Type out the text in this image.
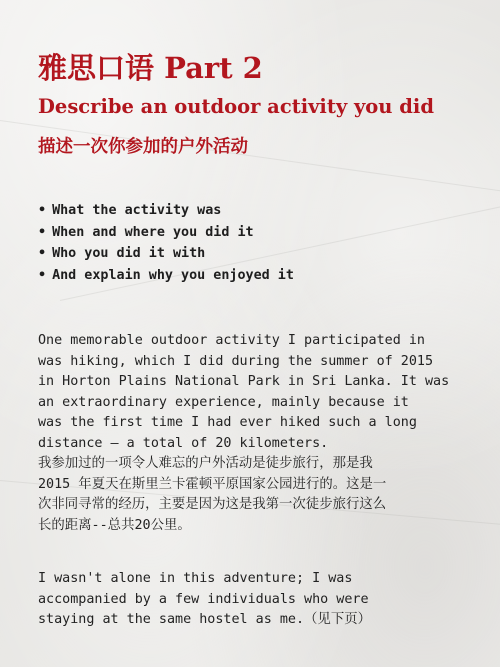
雅思口语 Part 2
Describe an outdoor activity you did
描述一次你参加的户外活动
• What the activity was
• When and where you did it
• Who you did it with
• And explain why you enjoyed it

One memorable outdoor activity I participated in
was hiking, which I did during the summer of 2015
in Horton Plains National Park in Sri Lanka. It was
an extraordinary experience, mainly because it
was the first time I had ever hiked such a long
distance – a total of 20 kilometers.
我参加过的一项令人难忘的户外活动是徒步旅行，那是我
2015 年夏天在斯里兰卡霍顿平原国家公园进行的。这是一
次非同寻常的经历，主要是因为这是我第一次徒步旅行这么
长的距离--总共20公里。

I wasn't alone in this adventure; I was
accompanied by a few individuals who were
staying at the same hostel as me.（见下页）
